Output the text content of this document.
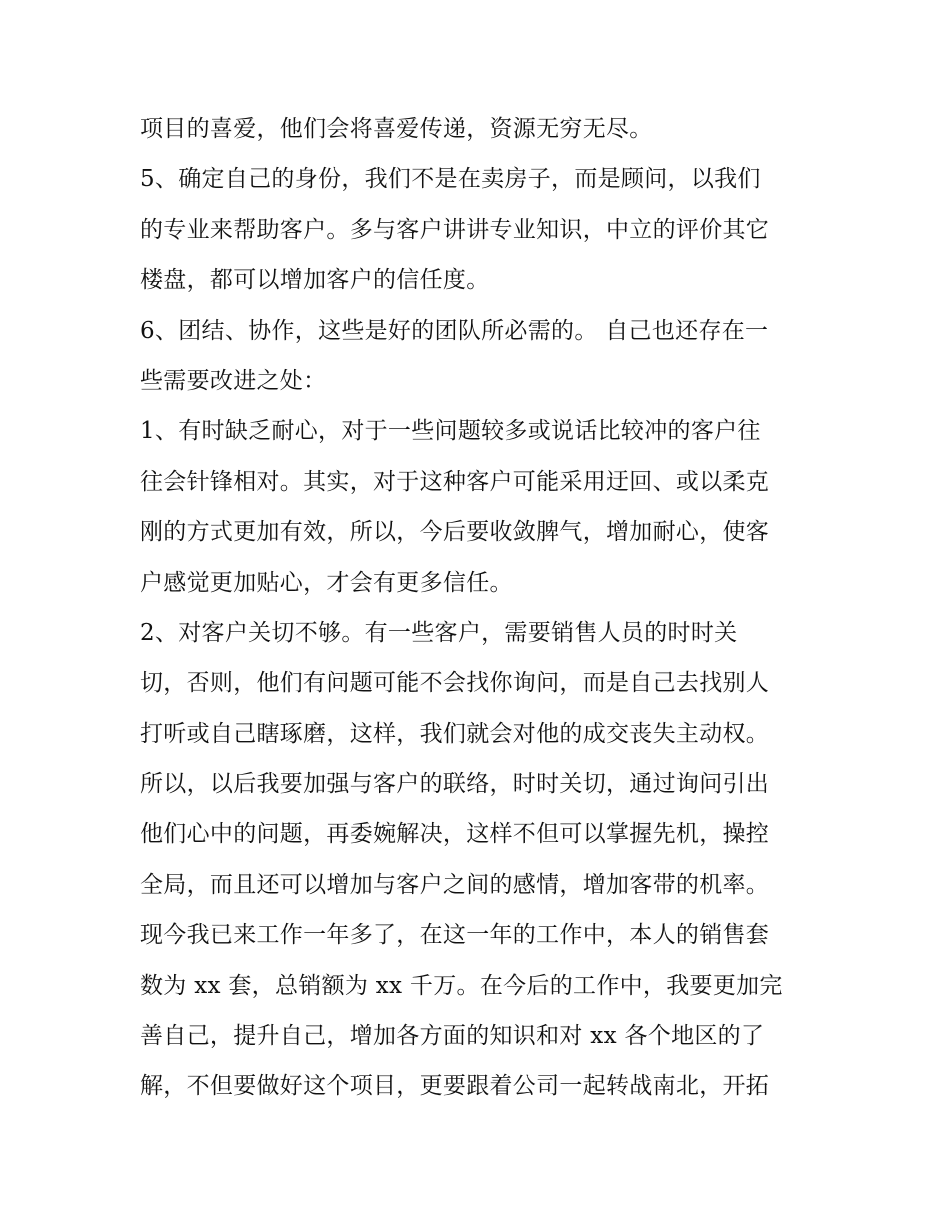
项目的喜爱，他们会将喜爱传递，资源无穷无尽。
5、确定自己的身份，我们不是在卖房子，而是顾问，以我们
的专业来帮助客户。多与客户讲讲专业知识，中立的评价其它
楼盘，都可以增加客户的信任度。
6、团结、协作，这些是好的团队所必需的。 自己也还存在一
些需要改进之处：
1、有时缺乏耐心，对于一些问题较多或说话比较冲的客户往
往会针锋相对。其实，对于这种客户可能采用迂回、或以柔克
刚的方式更加有效，所以，今后要收敛脾气，增加耐心，使客
户感觉更加贴心，才会有更多信任。
2、对客户关切不够。有一些客户，需要销售人员的时时关
切，否则，他们有问题可能不会找你询问，而是自己去找别人
打听或自己瞎琢磨，这样，我们就会对他的成交丧失主动权。
所以，以后我要加强与客户的联络，时时关切，通过询问引出
他们心中的问题，再委婉解决，这样不但可以掌握先机，操控
全局，而且还可以增加与客户之间的感情，增加客带的机率。
现今我已来工作一年多了，在这一年的工作中，本人的销售套
数为 xx 套，总销额为 xx 千万。在今后的工作中，我要更加完
善自己，提升自己，增加各方面的知识和对 xx 各个地区的了
解，不但要做好这个项目，更要跟着公司一起转战南北，开拓
